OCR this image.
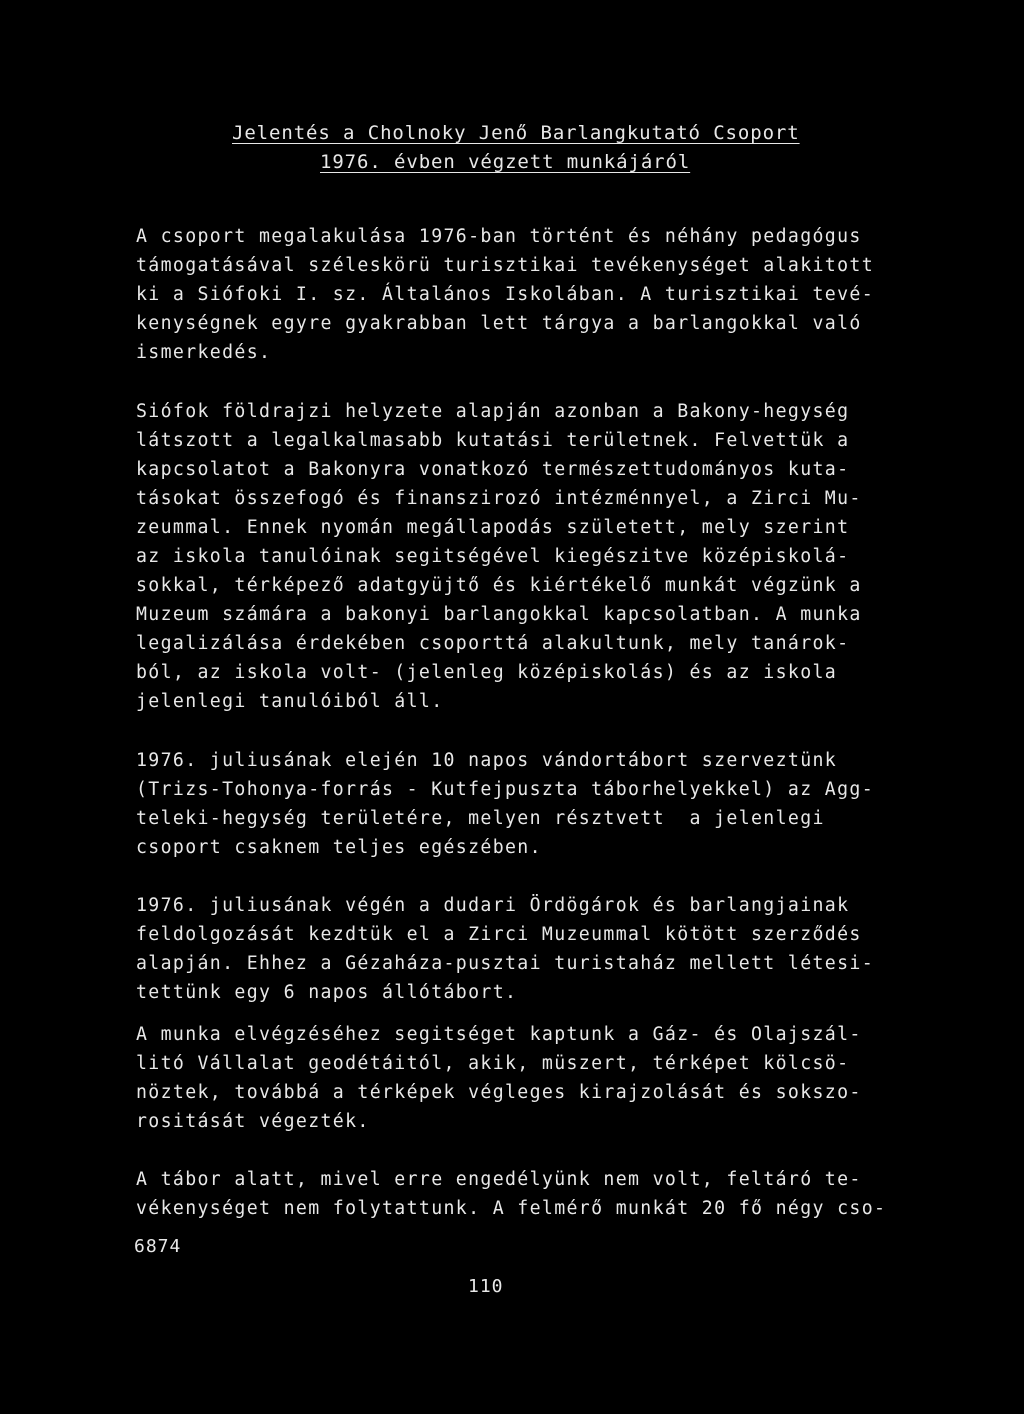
Jelentés a Cholnoky Jenő Barlangkutató Csoport
1976. évben végzett munkájáról

A csoport megalakulása 1976-ban történt és néhány pedagógus
támogatásával széleskörü turisztikai tevékenységet alakitott
ki a Siófoki I. sz. Általános Iskolában. A turisztikai tevé-
kenységnek egyre gyakrabban lett tárgya a barlangokkal való
ismerkedés.

Siófok földrajzi helyzete alapján azonban a Bakony-hegység
látszott a legalkalmasabb kutatási területnek. Felvettük a
kapcsolatot a Bakonyra vonatkozó természettudományos kuta-
tásokat összefogó és finanszirozó intézménnyel, a Zirci Mu-
zeummal. Ennek nyomán megállapodás született, mely szerint
az iskola tanulóinak segitségével kiegészitve középiskolá-
sokkal, térképező adatgyüjtő és kiértékelő munkát végzünk a
Muzeum számára a bakonyi barlangokkal kapcsolatban. A munka
legalizálása érdekében csoporttá alakultunk, mely tanárok-
ból, az iskola volt- (jelenleg középiskolás) és az iskola
jelenlegi tanulóiból áll.

1976. juliusának elején 10 napos vándortábort szerveztünk
(Trizs-Tohonya-forrás - Kutfejpuszta táborhelyekkel) az Agg-
teleki-hegység területére, melyen résztvett  a jelenlegi
csoport csaknem teljes egészében.

1976. juliusának végén a dudari Ördögárok és barlangjainak
feldolgozását kezdtük el a Zirci Muzeummal kötött szerződés
alapján. Ehhez a Gézaháza-pusztai turistaház mellett létesi-
tettünk egy 6 napos állótábort.

A munka elvégzéséhez segitséget kaptunk a Gáz- és Olajszál-
litó Vállalat geodétáitól, akik, müszert, térképet kölcsö-
nöztek, továbbá a térképek végleges kirajzolását és sokszo-
rositását végezték.

A tábor alatt, mivel erre engedélyünk nem volt, feltáró te-
vékenységet nem folytattunk. A felmérő munkát 20 fő négy cso-

6874
110
